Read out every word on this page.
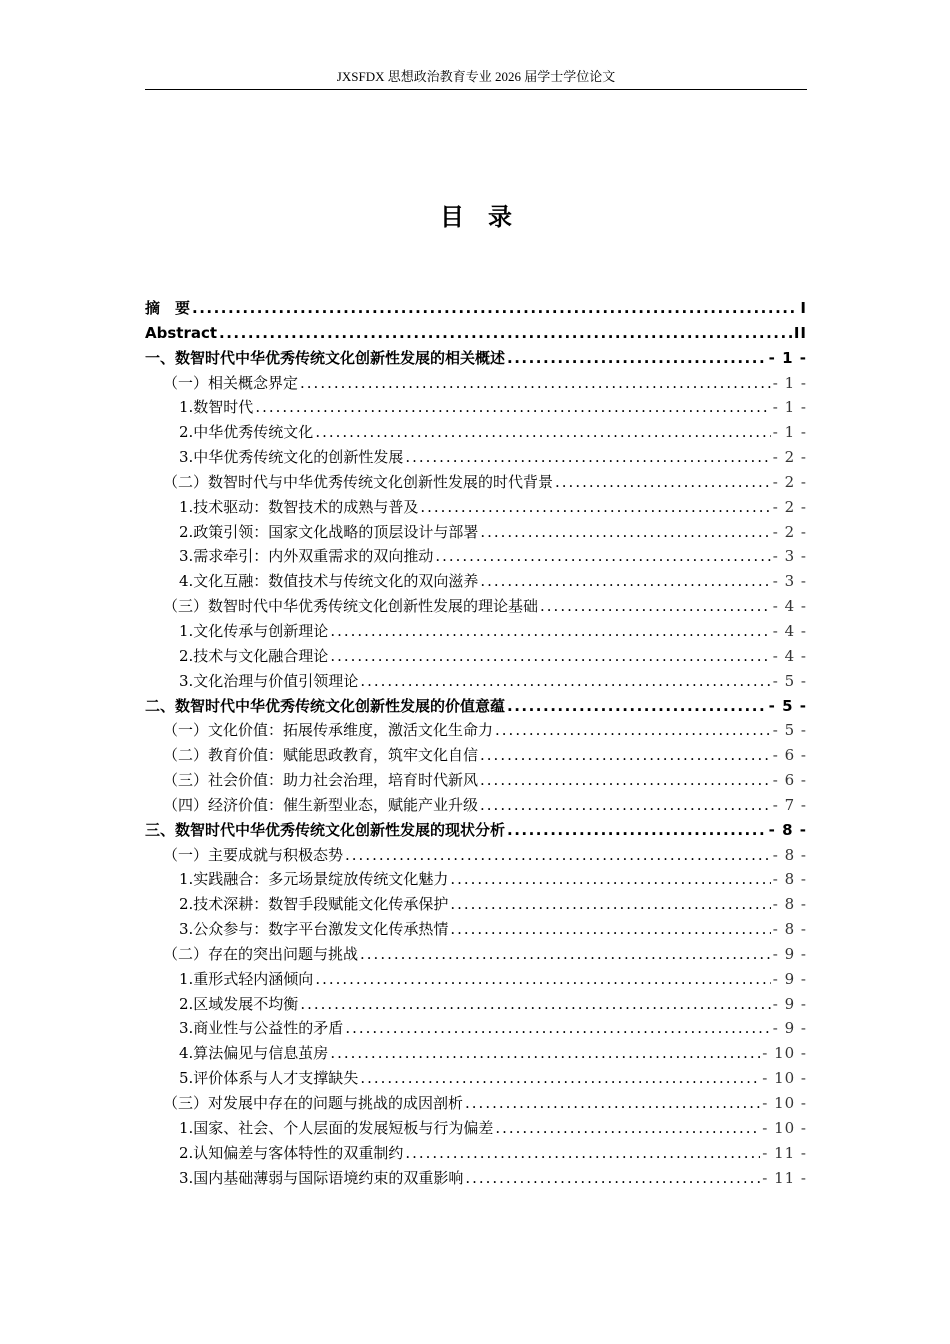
JXSFDX 思想政治教育专业 2026 届学士学位论文
目　录
摘　要 .....	I
Abstract .....	II
一、数智时代中华优秀传统文化创新性发展的相关概述 .....	- 1 -
（一）相关概念界定 .....	- 1 -
1.数智时代 .....	- 1 -
2.中华优秀传统文化 .....	- 1 -
3.中华优秀传统文化的创新性发展 .....	- 2 -
（二）数智时代与中华优秀传统文化创新性发展的时代背景 .....	- 2 -
1.技术驱动：数智技术的成熟与普及 .....	- 2 -
2.政策引领：国家文化战略的顶层设计与部署 .....	- 2 -
3.需求牵引：内外双重需求的双向推动 .....	- 3 -
4.文化互融：数值技术与传统文化的双向滋养 .....	- 3 -
（三）数智时代中华优秀传统文化创新性发展的理论基础 .....	- 4 -
1.文化传承与创新理论 .....	- 4 -
2.技术与文化融合理论 .....	- 4 -
3.文化治理与价值引领理论 .....	- 5 -
二、数智时代中华优秀传统文化创新性发展的价值意蕴 .....	- 5 -
（一）文化价值：拓展传承维度，激活文化生命力 .....	- 5 -
（二）教育价值：赋能思政教育，筑牢文化自信 .....	- 6 -
（三）社会价值：助力社会治理，培育时代新风 .....	- 6 -
（四）经济价值：催生新型业态，赋能产业升级 .....	- 7 -
三、数智时代中华优秀传统文化创新性发展的现状分析 .....	- 8 -
（一）主要成就与积极态势 .....	- 8 -
1.实践融合：多元场景绽放传统文化魅力 .....	- 8 -
2.技术深耕：数智手段赋能文化传承保护 .....	- 8 -
3.公众参与：数字平台激发文化传承热情 .....	- 8 -
（二）存在的突出问题与挑战 .....	- 9 -
1.重形式轻内涵倾向 .....	- 9 -
2.区域发展不均衡 .....	- 9 -
3.商业性与公益性的矛盾 .....	- 9 -
4.算法偏见与信息茧房 .....	- 10 -
5.评价体系与人才支撑缺失 .....	- 10 -
（三）对发展中存在的问题与挑战的成因剖析 .....	- 10 -
1.国家、社会、个人层面的发展短板与行为偏差 .....	- 10 -
2.认知偏差与客体特性的双重制约 .....	- 11 -
3.国内基础薄弱与国际语境约束的双重影响 .....	- 11 -
